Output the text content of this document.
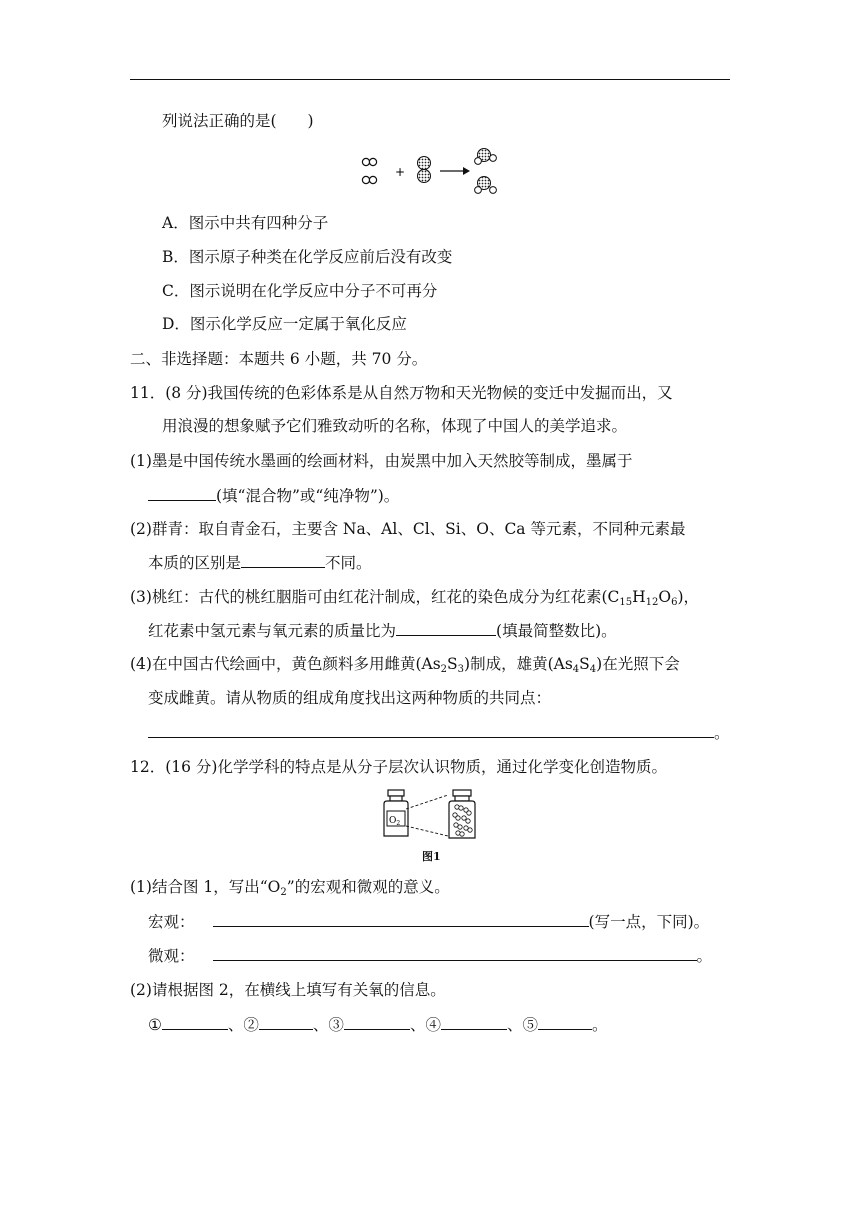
列说法正确的是(　　)
+
A．图示中共有四种分子
B．图示原子种类在化学反应前后没有改变
C．图示说明在化学反应中分子不可再分
D．图示化学反应一定属于氧化反应
二、非选择题：本题共 6 小题，共 70 分。
11．(8 分)我国传统的色彩体系是从自然万物和天光物候的变迁中发掘而出，又
用浪漫的想象赋予它们雅致动听的名称，体现了中国人的美学追求。
(1)墨是中国传统水墨画的绘画材料，由炭黑中加入天然胶等制成，墨属于
(填“混合物”或“纯净物”)。
(2)群青：取自青金石，主要含 Na、Al、Cl、Si、O、Ca 等元素，不同种元素最
本质的区别是	不同。
(3)桃红：古代的桃红胭脂可由红花汁制成，红花的染色成分为红花素$(C_{15}H_{12}O_6)$，
红花素中氢元素与氧元素的质量比为	(填最简整数比)。
(4)在中国古代绘画中，黄色颜料多用雌黄$(As_2S_3)$制成，雄黄$(As_4S_4)$在光照下会
变成雌黄。请从物质的组成角度找出这两种物质的共同点：
。
12．(16 分)化学学科的特点是从分子层次认识物质，通过化学变化创造物质。
$O_2$
图1
(1)结合图 1，写出“$O_2$”的宏观和微观的意义。
宏观：	(写一点，下同)。
微观：	。
(2)请根据图 2，在横线上填写有关氧的信息。
①	、②	、③	、④	、⑤	。
